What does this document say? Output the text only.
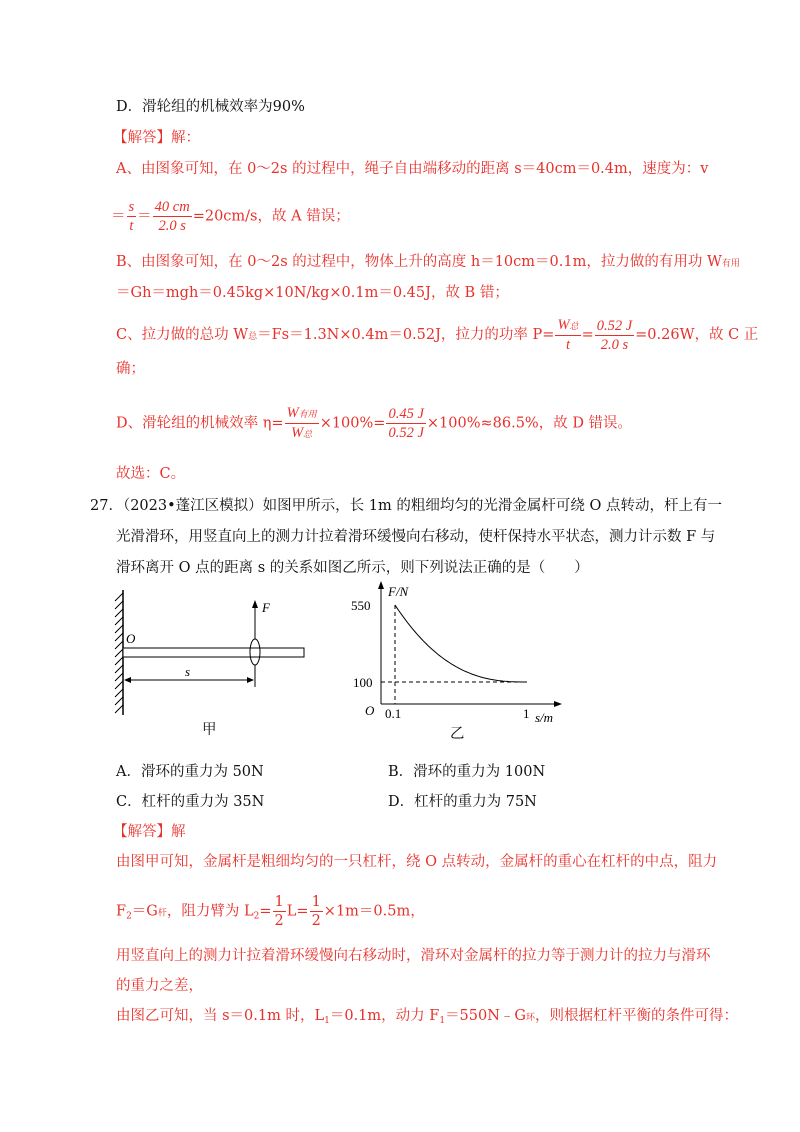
D．滑轮组的机械效率为90%
【解答】解：
A、由图象可知，在 0～2s 的过程中，绳子自由端移动的距离 s＝40cm＝0.4m，速度为：v
＝ $\frac{s}{t} = \frac{40 cm}{2.0 s} =20cm/s$，故 A 错误；
B、由图象可知，在 0～2s 的过程中，物体上升的高度 h＝10cm＝0.1m，拉力做的有用功 W有用
＝Gh＝mgh＝0.45kg×10N/kg×0.1m＝0.45J，故 B 错；
C、拉力做的总功 W总＝Fs＝1.3N×0.4m＝0.52J，拉力的功率 $P= \frac{\text{W总}}{t} = \frac{0.52 J}{2.0 s} =0.26W$，故 C 正
确；
D、滑轮组的机械效率 $\eta= \frac{\text{W有用}}{\text{W总}} \times 100\%= \frac{0.45 J}{0.52 J} \times 100\%\approx 86.5\%$，故 D 错误。
故选：C。
27．（2023•蓬江区模拟）如图甲所示，长 1m 的粗细均匀的光滑金属杆可绕 O 点转动，杆上有一
光滑滑环，用竖直向上的测力计拉着滑环缓慢向右移动，使杆保持水平状态，测力计示数 F 与
滑环离开 O 点的距离 s 的关系如图乙所示，则下列说法正确的是（　　）
F
O
s
甲
F/N
s/m
O
550
100
0.1	1
乙
A．滑环的重力为 50N	B．滑环的重力为 100N
C．杠杆的重力为 35N	D．杠杆的重力为 75N
【解答】解
由图甲可知，金属杆是粗细均匀的一只杠杆，绕 O 点转动，金属杆的重心在杠杆的中点，阻力
$F_2=G$杆，阻力臂为 $L_2= \frac{1}{2} L= \frac{1}{2} \times 1m=0.5m$，
用竖直向上的测力计拉着滑环缓慢向右移动时，滑环对金属杆的拉力等于测力计的拉力与滑环
的重力之差，
由图乙可知，当 s＝0.1m 时，$L_1=0.1m$，动力 $F_1=550N﹣G$环，则根据杠杆平衡的条件可得：
